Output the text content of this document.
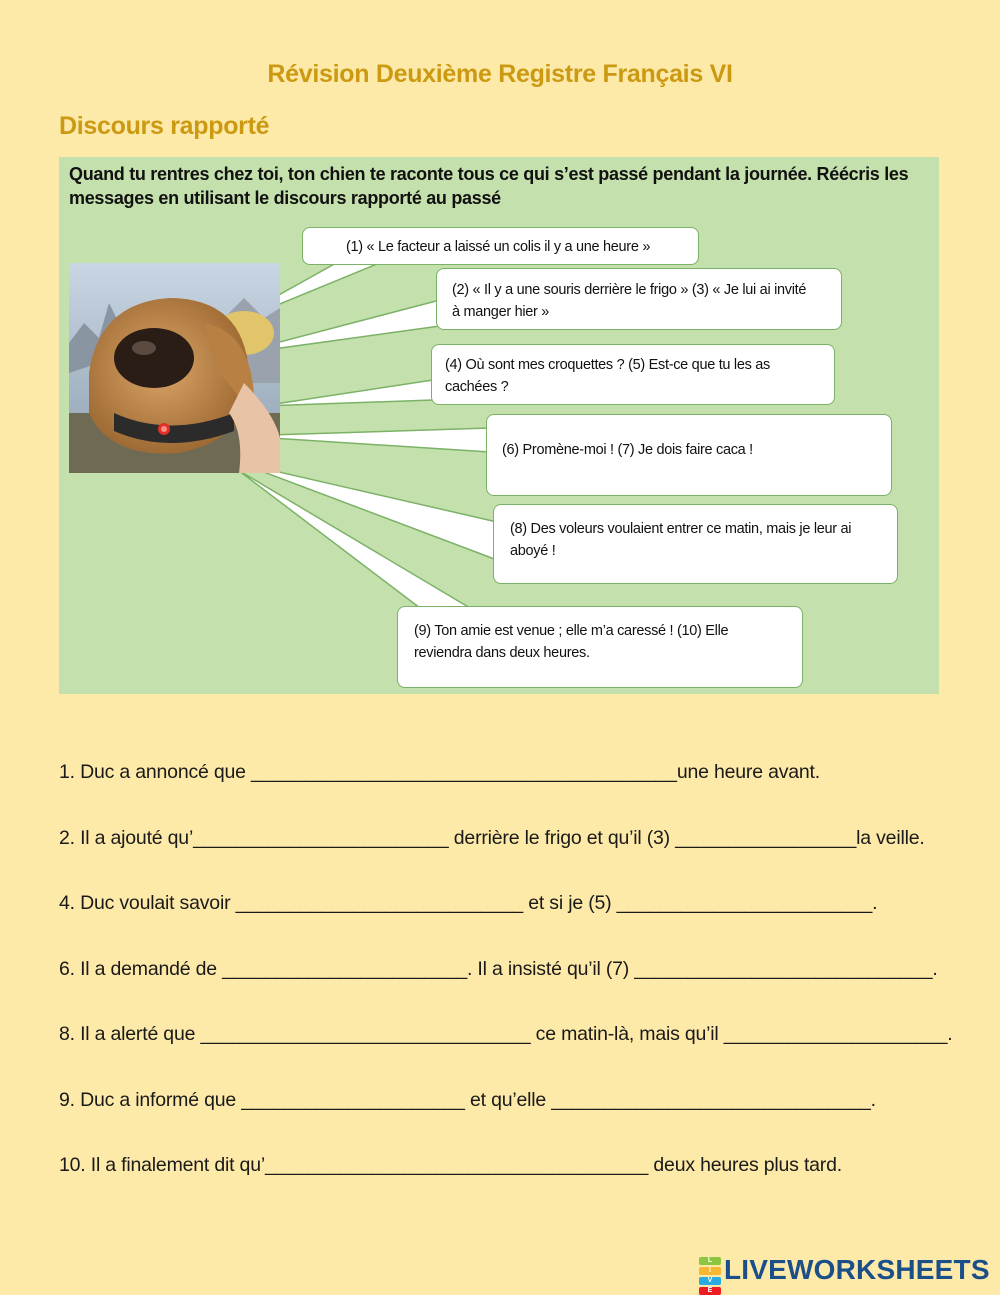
Révision Deuxième Registre Français VI
Discours rapporté
Quand tu rentres chez toi, ton chien te raconte tous ce qui s’est passé pendant la journée. Réécris les messages en utilisant le discours rapporté au passé
(1) « Le facteur a laissé un colis il y a une heure »
(2) « Il y a une souris derrière le frigo » (3) « Je lui ai invité
à manger hier »
(4) Où sont mes croquettes ? (5) Est-ce que tu les as
cachées ?
(6) Promène-moi ! (7) Je dois faire caca !
(8) Des voleurs voulaient entrer ce matin, mais je leur ai
aboyé !
(9) Ton amie est venue ; elle m’a caressé ! (10) Elle
reviendra dans deux heures.
1. Duc a annoncé que ________________________________________une heure avant.
2. Il a ajouté qu’________________________ derrière le frigo et qu’il (3) _________________la veille.
4. Duc voulait savoir ___________________________ et si je (5) ________________________.
6. Il a demandé de _______________________. Il a insisté qu’il (7) ____________________________.
8. Il a alerté que _______________________________ ce matin-là, mais qu’il _____________________.
9. Duc a informé que _____________________ et qu’elle ______________________________.
10. Il a finalement dit qu’____________________________________ deux heures plus tard.
L
I
V
E
LIVEWORKSHEETS
